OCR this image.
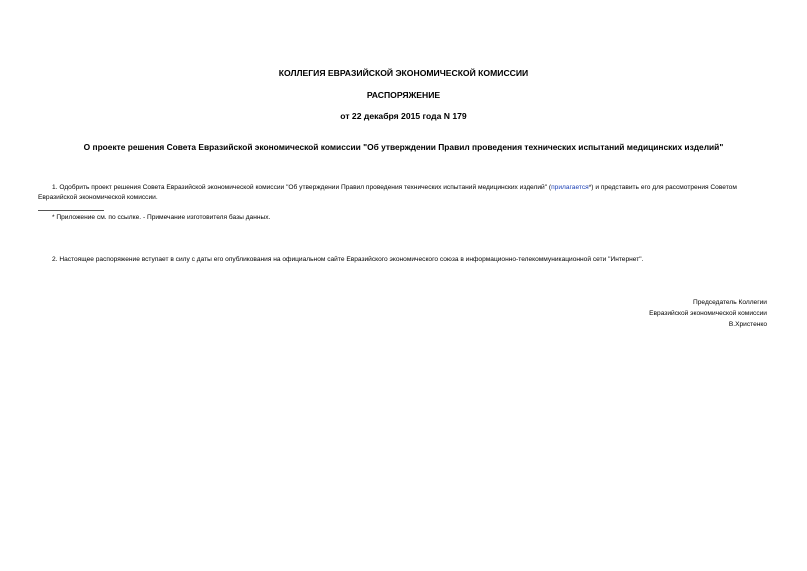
КОЛЛЕГИЯ ЕВРАЗИЙСКОЙ ЭКОНОМИЧЕСКОЙ КОМИССИИ
РАСПОРЯЖЕНИЕ
от 22 декабря 2015 года N 179
О проекте решения Совета Евразийской экономической комиссии "Об утверждении Правил проведения технических испытаний медицинских изделий"
1. Одобрить проект решения Совета Евразийской экономической комиссии "Об утверждении Правил проведения технических испытаний медицинских изделий" (прилагается*) и представить его для рассмотрения Советом Евразийской экономической комиссии.
* Приложение см. по ссылке. - Примечание изготовителя базы данных.
2. Настоящее распоряжение вступает в силу с даты его опубликования на официальном сайте Евразийского экономического союза в информационно-телекоммуникационной сети "Интернет".
Председатель Коллегии
Евразийской экономической комиссии
В.Христенко
